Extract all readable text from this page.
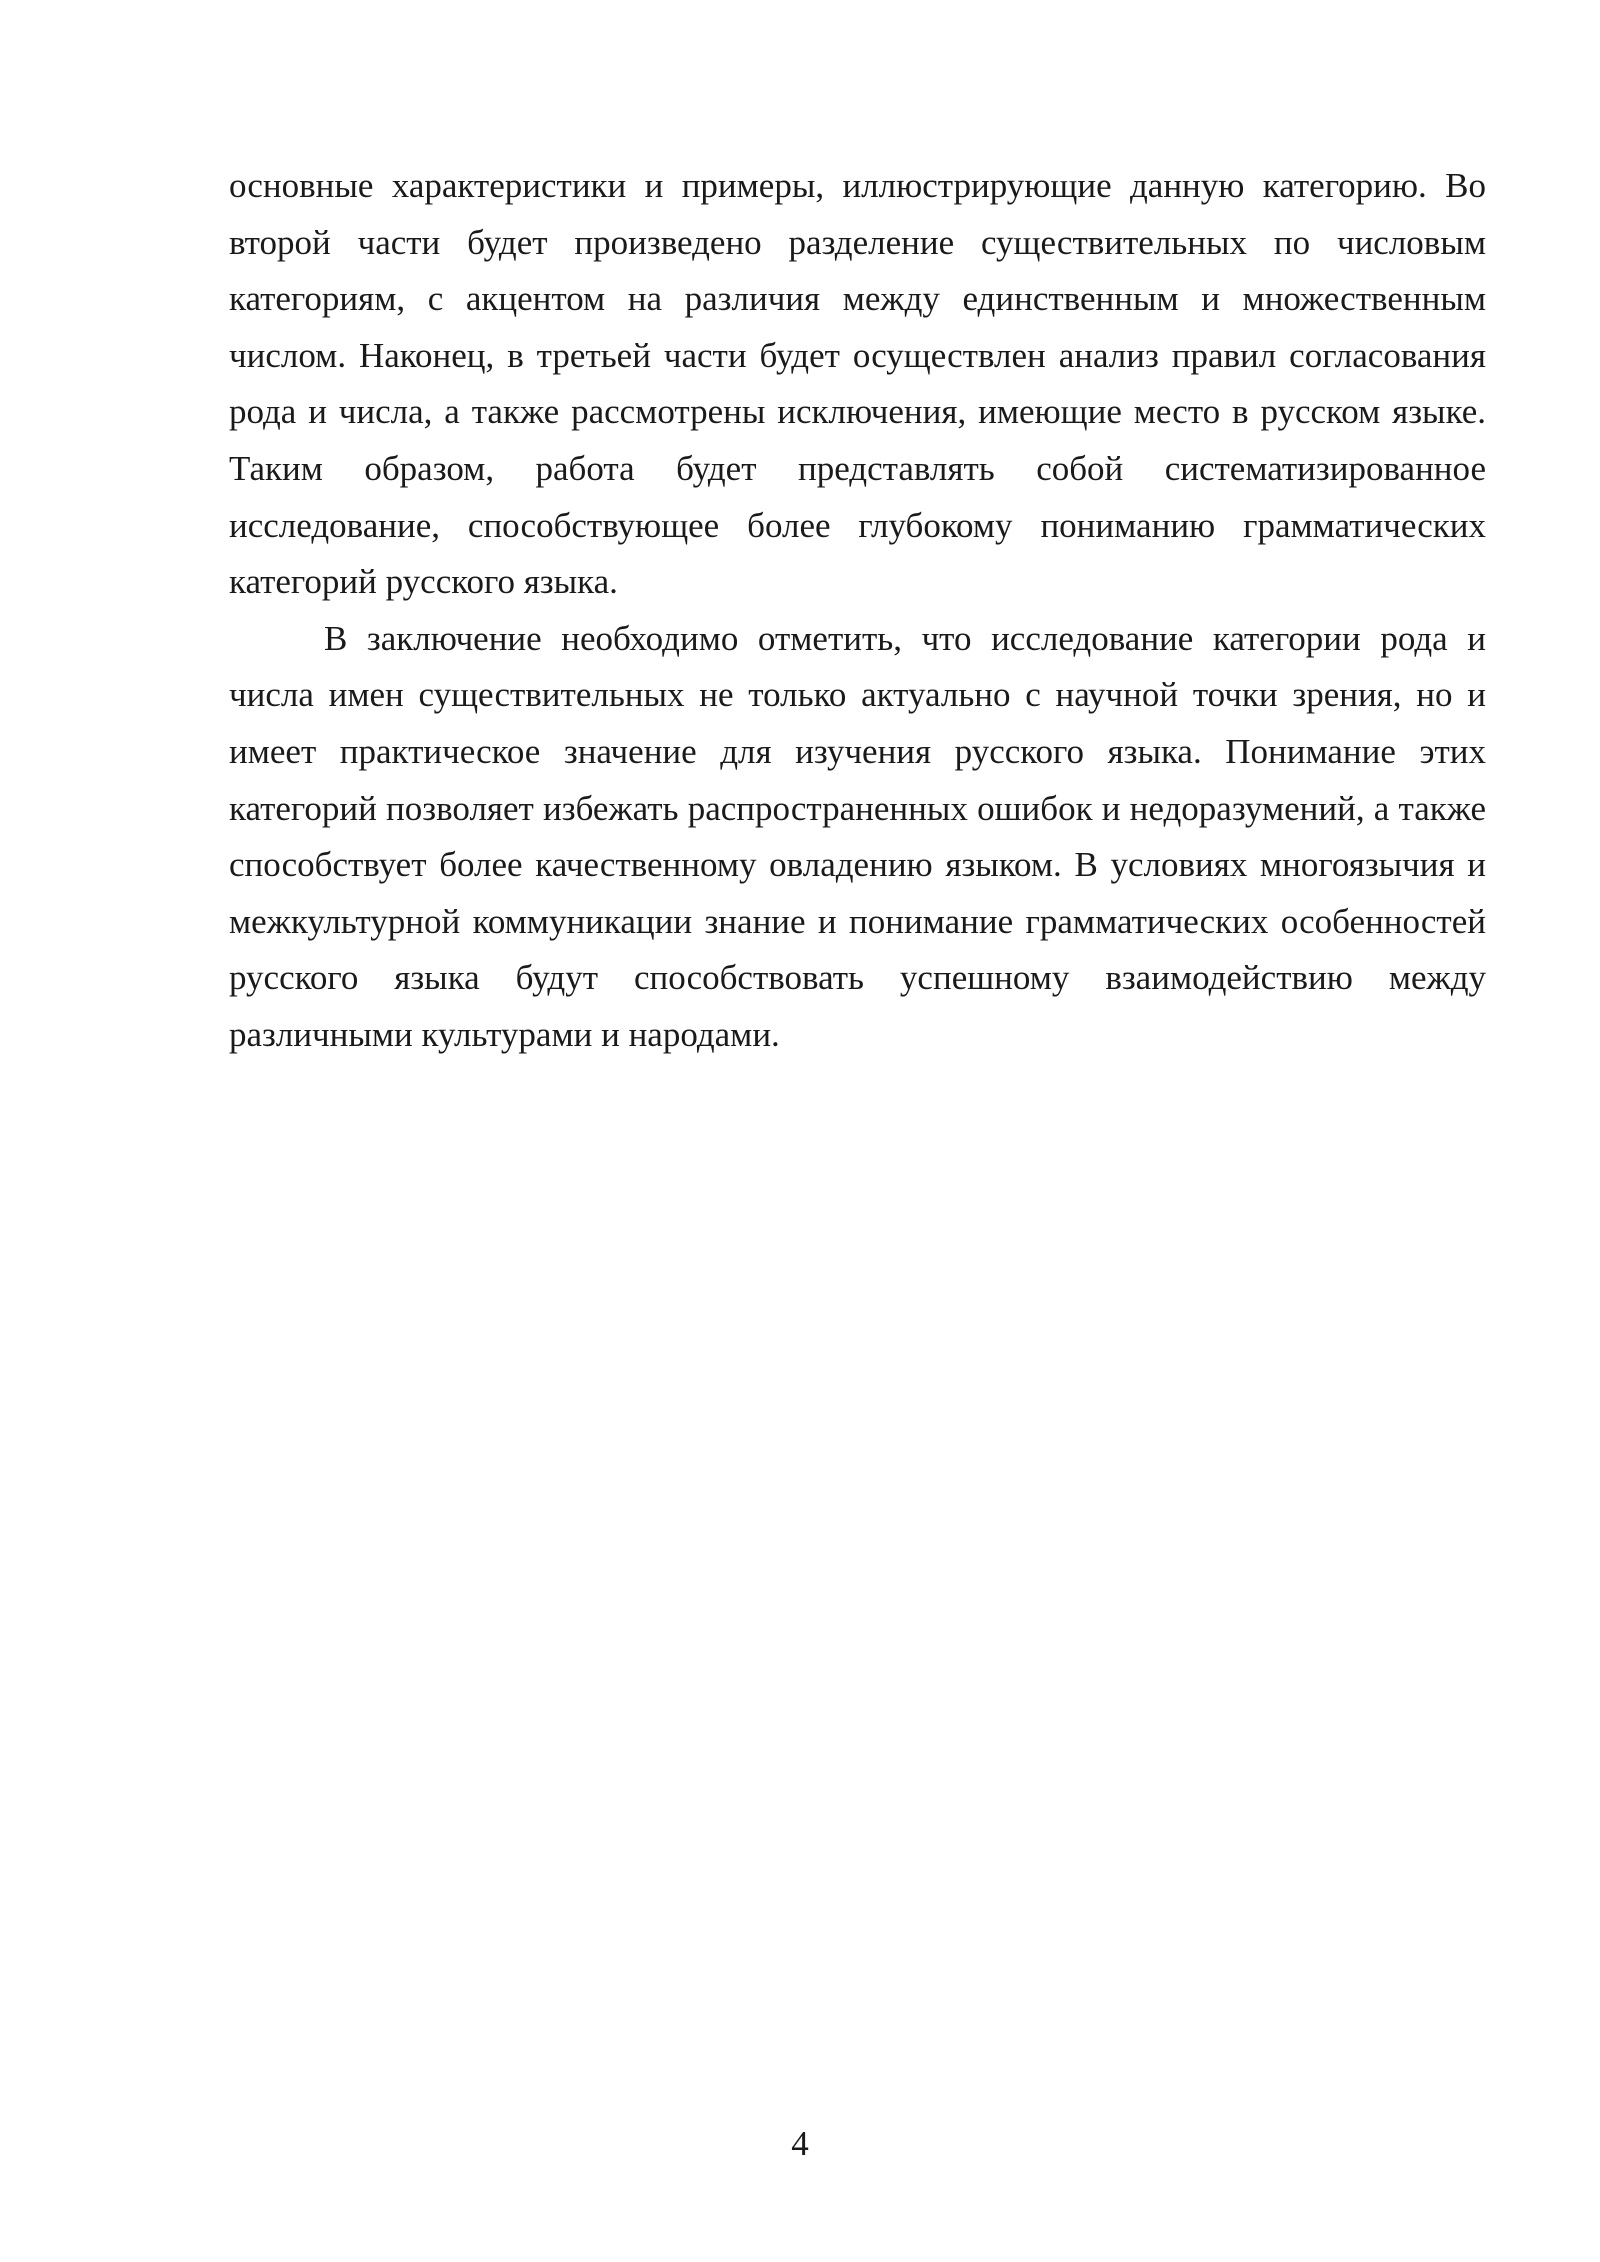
основные характеристики и примеры, иллюстрирующие данную категорию. Во второй части будет произведено разделение существительных по числовым категориям, с акцентом на различия между единственным и множественным числом. Наконец, в третьей части будет осуществлен анализ правил согласования рода и числа, а также рассмотрены исключения, имеющие место в русском языке. Таким образом, работа будет представлять собой систематизированное исследование, способствующее более глубокому пониманию грамматических категорий русского языка.

В заключение необходимо отметить, что исследование категории рода и числа имен существительных не только актуально с научной точки зрения, но и имеет практическое значение для изучения русского языка. Понимание этих категорий позволяет избежать распространенных ошибок и недоразумений, а также способствует более качественному овладению языком. В условиях многоязычия и межкультурной коммуникации знание и понимание грамматических особенностей русского языка будут способствовать успешному взаимодействию между различными культурами и народами.

4
